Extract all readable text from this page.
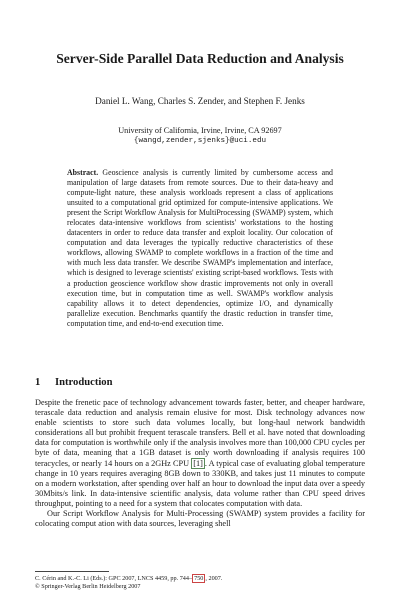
Server-Side Parallel Data Reduction and Analysis
Daniel L. Wang, Charles S. Zender, and Stephen F. Jenks
University of California, Irvine, Irvine, CA 92697
{wangd,zender,sjenks}@uci.edu
Abstract. Geoscience analysis is currently limited by cumbersome access and manipulation of large datasets from remote sources. Due to their data-heavy and compute-light nature, these analysis workloads represent a class of applications unsuited to a computational grid optimized for compute-intensive applications. We present the Script Workflow Analysis for MultiProcessing (SWAMP) system, which relocates data-intensive workflows from scientists' workstations to the hosting datacenters in order to reduce data transfer and exploit locality. Our colocation of computation and data leverages the typically reductive characteristics of these workflows, allowing SWAMP to complete workflows in a fraction of the time and with much less data transfer. We describe SWAMP's implementation and interface, which is designed to leverage scientists' existing script-based workflows. Tests with a production geoscience workflow show drastic improvements not only in overall execution time, but in computation time as well. SWAMP's workflow analysis capability allows it to detect dependencies, optimize I/O, and dynamically parallelize execution. Benchmarks quantify the drastic reduction in transfer time, computation time, and end-to-end execution time.
1 Introduction

Despite the frenetic pace of technology advancement towards faster, better, and cheaper hardware, terascale data reduction and analysis remain elusive for most. Disk technology advances now enable scientists to store such data volumes locally, but long-haul network bandwidth considerations all but prohibit frequent terascale transfers. Bell et al. have noted that downloading data for computation is worthwhile only if the analysis involves more than 100,000 CPU cycles per byte of data, meaning that a 1GB dataset is only worth downloading if analysis requires 100 teracycles, or nearly 14 hours on a 2GHz CPU [1] . A typical case of evaluating global temperature change in 10 years requires averaging 8GB down to 330KB, and takes just 11 minutes to compute on a modern workstation, after spending over half an hour to download the input data over a speedy 30Mbits/s link. In data-intensive scientific analysis, data volume rather than CPU speed drives throughput, pointing to a need for a system that colocates computation with data.

Our Script Workflow Analysis for Multi-Processing (SWAMP) system provides a facility for colocating comput ation with data sources, leveraging shell

C. Cérin and K.-C. Li (Eds.): GPC 2007, LNCS 4459, pp. 744– 750 , 2007.
© Springer-Verlag Berlin Heidelberg 2007
